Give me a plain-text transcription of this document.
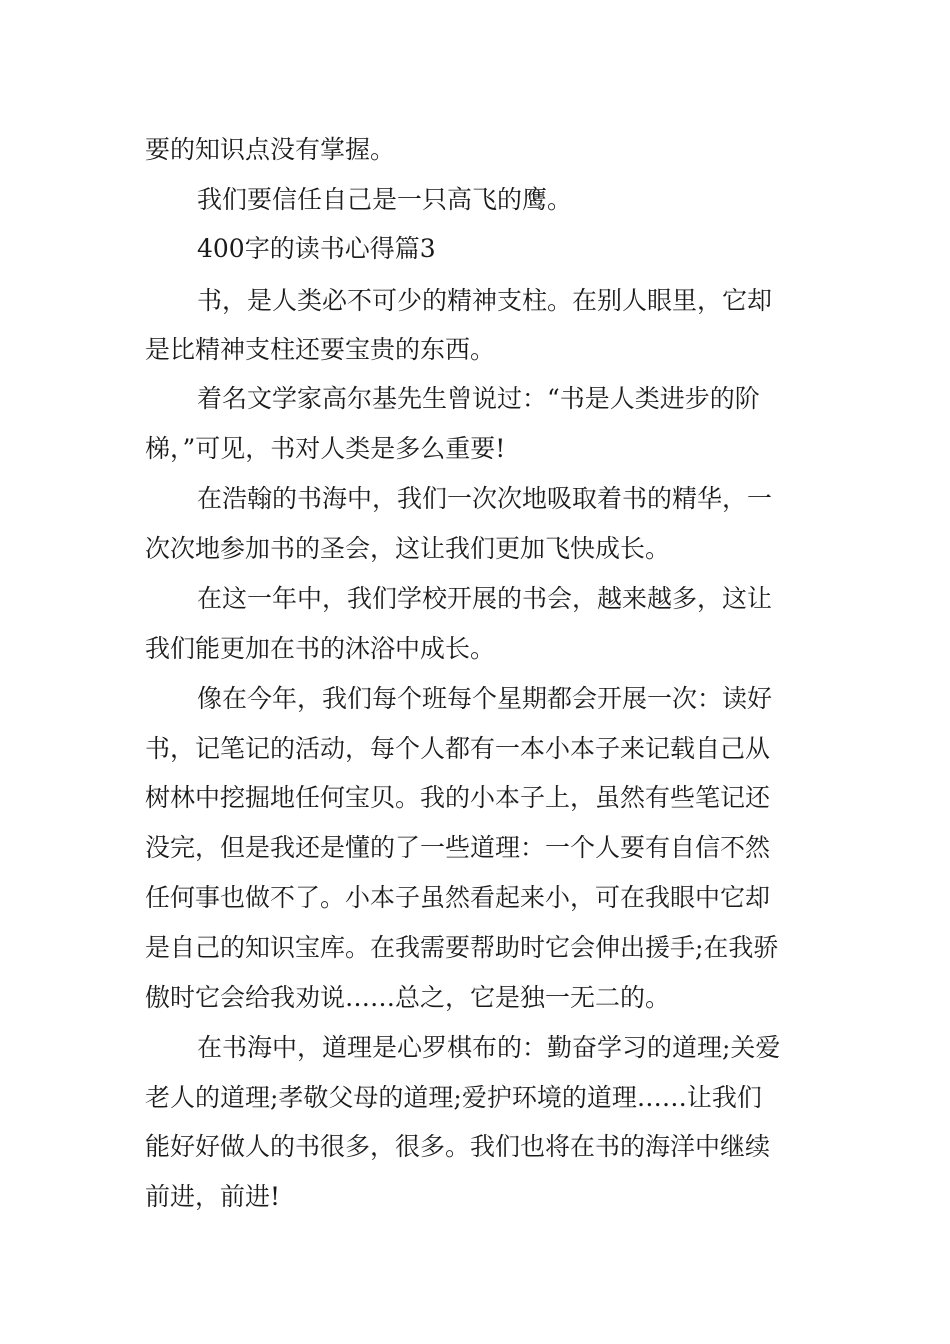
要的知识点没有掌握。
我们要信任自己是一只高飞的鹰。
400字的读书心得篇3
书，是人类必不可少的精神支柱。在别人眼里，它却
是比精神支柱还要宝贵的东西。
着名文学家高尔基先生曾说过：“书是人类进步的阶
梯，”可见，书对人类是多么重要!
在浩翰的书海中，我们一次次地吸取着书的精华，一
次次地参加书的圣会，这让我们更加飞快成长。
在这一年中，我们学校开展的书会，越来越多，这让
我们能更加在书的沐浴中成长。
像在今年，我们每个班每个星期都会开展一次：读好
书，记笔记的活动，每个人都有一本小本子来记载自己从
树林中挖掘地任何宝贝。我的小本子上，虽然有些笔记还
没完，但是我还是懂的了一些道理：一个人要有自信不然
任何事也做不了。小本子虽然看起来小，可在我眼中它却
是自己的知识宝库。在我需要帮助时它会伸出援手;在我骄
傲时它会给我劝说……总之，它是独一无二的。
在书海中，道理是心罗棋布的：勤奋学习的道理;关爱
老人的道理;孝敬父母的道理;爱护环境的道理……让我们
能好好做人的书很多，很多。我们也将在书的海洋中继续
前进，前进!
